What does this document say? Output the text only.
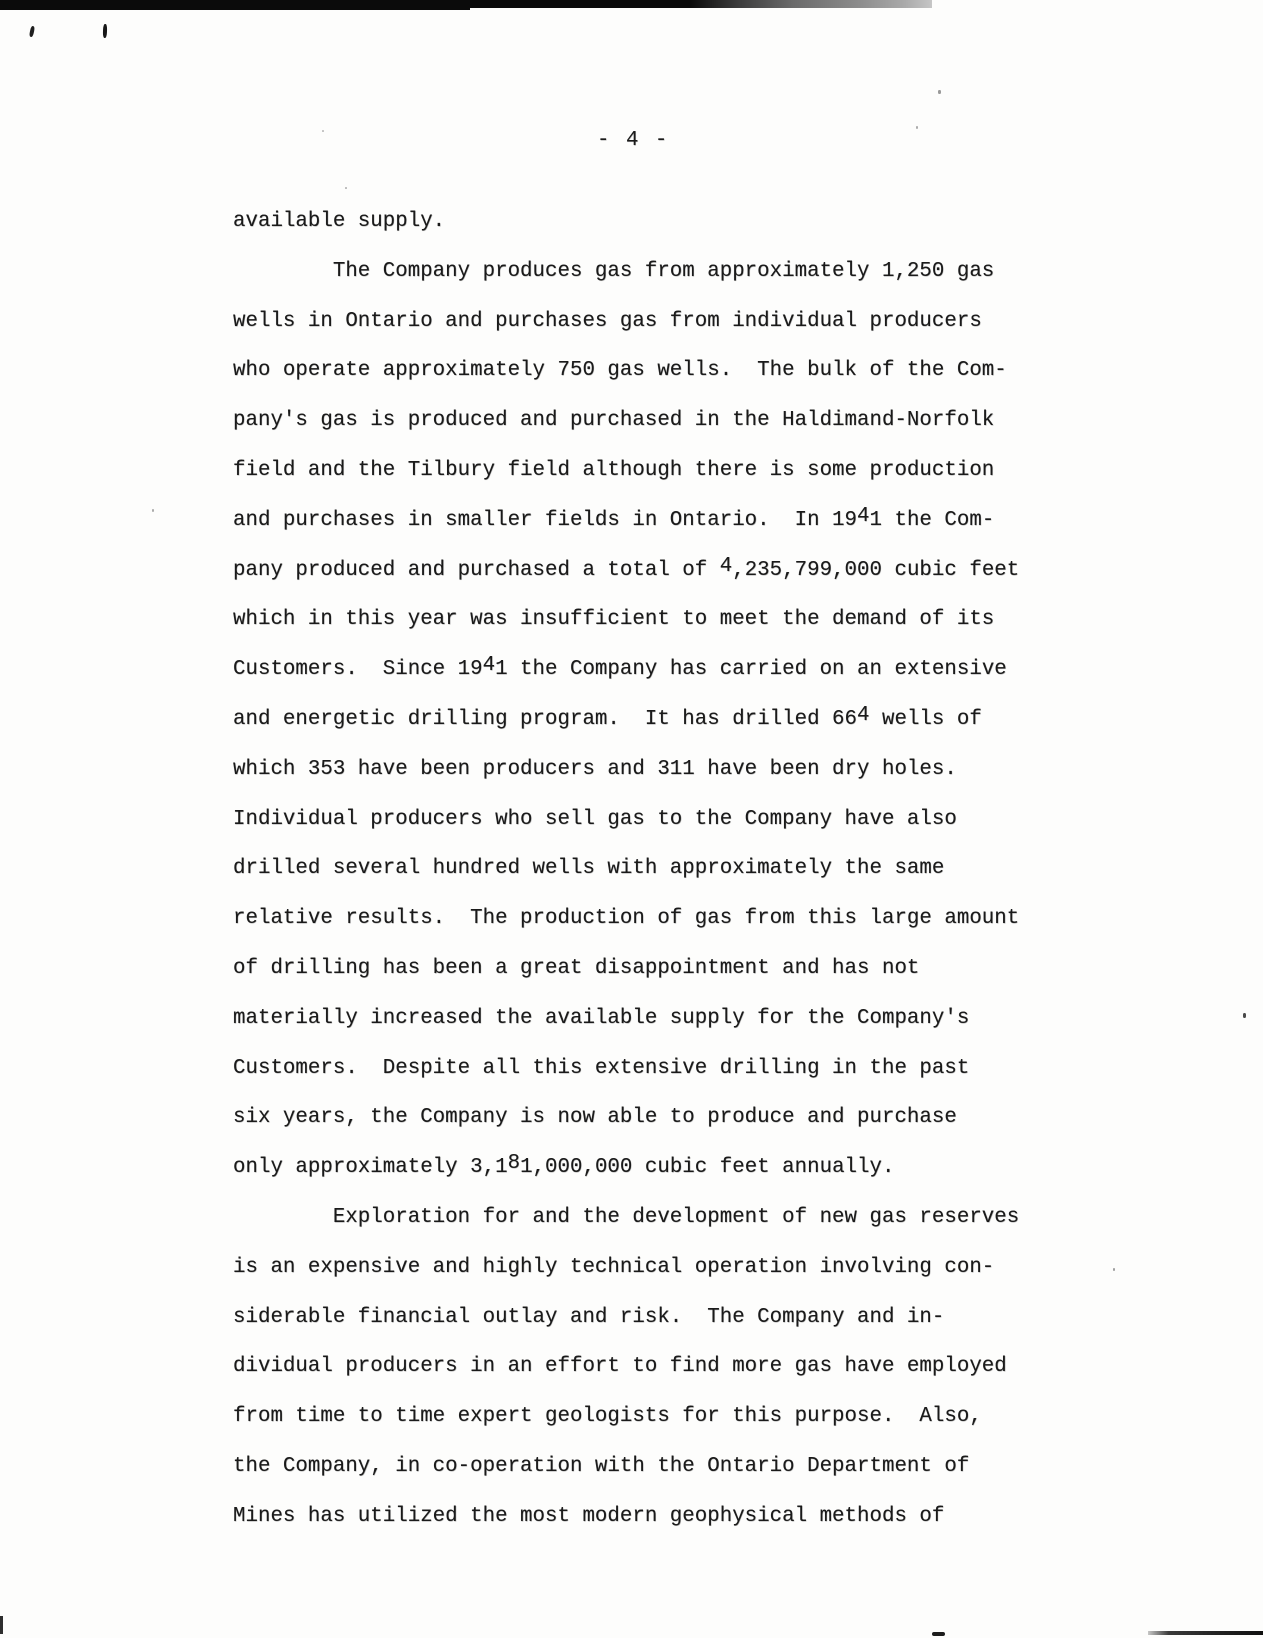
- 4 -
available supply.
The Company produces gas from approximately 1,250 gas
wells in Ontario and purchases gas from individual producers
who operate approximately 750 gas wells.  The bulk of the Com-
pany's gas is produced and purchased in the Haldimand-Norfolk
field and the Tilbury field although there is some production
and purchases in smaller fields in Ontario.  In 1941 the Com-
pany produced and purchased a total of 4,235,799,000 cubic feet
which in this year was insufficient to meet the demand of its
Customers.  Since 1941 the Company has carried on an extensive
and energetic drilling program.  It has drilled 664 wells of
which 353 have been producers and 311 have been dry holes.
Individual producers who sell gas to the Company have also
drilled several hundred wells with approximately the same
relative results.  The production of gas from this large amount
of drilling has been a great disappointment and has not
materially increased the available supply for the Company's
Customers.  Despite all this extensive drilling in the past
six years, the Company is now able to produce and purchase
only approximately 3,181,000,000 cubic feet annually.
Exploration for and the development of new gas reserves
is an expensive and highly technical operation involving con-
siderable financial outlay and risk.  The Company and in-
dividual producers in an effort to find more gas have employed
from time to time expert geologists for this purpose.  Also,
the Company, in co-operation with the Ontario Department of
Mines has utilized the most modern geophysical methods of
